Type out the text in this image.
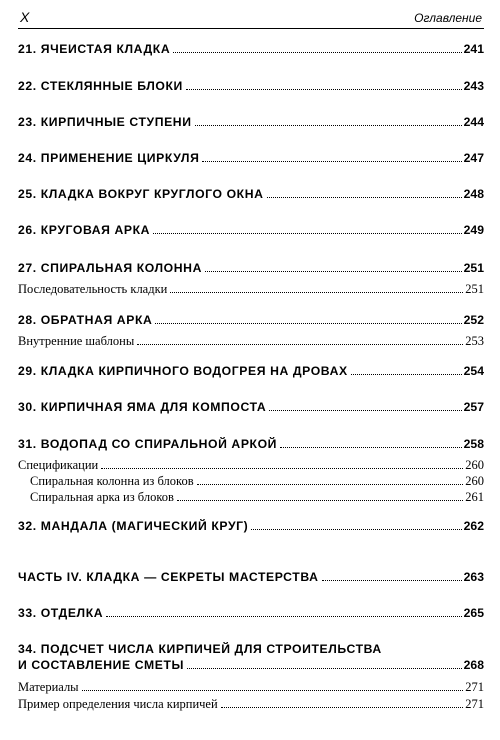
X	Оглавление
21. ЯЧЕИСТАЯ КЛАДКА	241
22. СТЕКЛЯННЫЕ БЛОКИ	243
23. КИРПИЧНЫЕ СТУПЕНИ	244
24. ПРИМЕНЕНИЕ ЦИРКУЛЯ	247
25. КЛАДКА ВОКРУГ КРУГЛОГО ОКНА	248
26. КРУГОВАЯ АРКА	249
27. СПИРАЛЬНАЯ КОЛОННА	251
Последовательность кладки	251
28. ОБРАТНАЯ АРКА	252
Внутренние шаблоны	253
29. КЛАДКА КИРПИЧНОГО ВОДОГРЕЯ НА ДРОВАХ	254
30. КИРПИЧНАЯ ЯМА ДЛЯ КОМПОСТА	257
31. ВОДОПАД СО СПИРАЛЬНОЙ АРКОЙ	258
Спецификации	260
Спиральная колонна из блоков	260
Спиральная арка из блоков	261
32. МАНДАЛА (МАГИЧЕСКИЙ КРУГ)	262
ЧАСТЬ IV. КЛАДКА — СЕКРЕТЫ МАСТЕРСТВА	263
33. ОТДЕЛКА	265
34. ПОДСЧЕТ ЧИСЛА КИРПИЧЕЙ ДЛЯ СТРОИТЕЛЬСТВА
И СОСТАВЛЕНИЕ СМЕТЫ	268
Материалы	271
Пример определения числа кирпичей	271
